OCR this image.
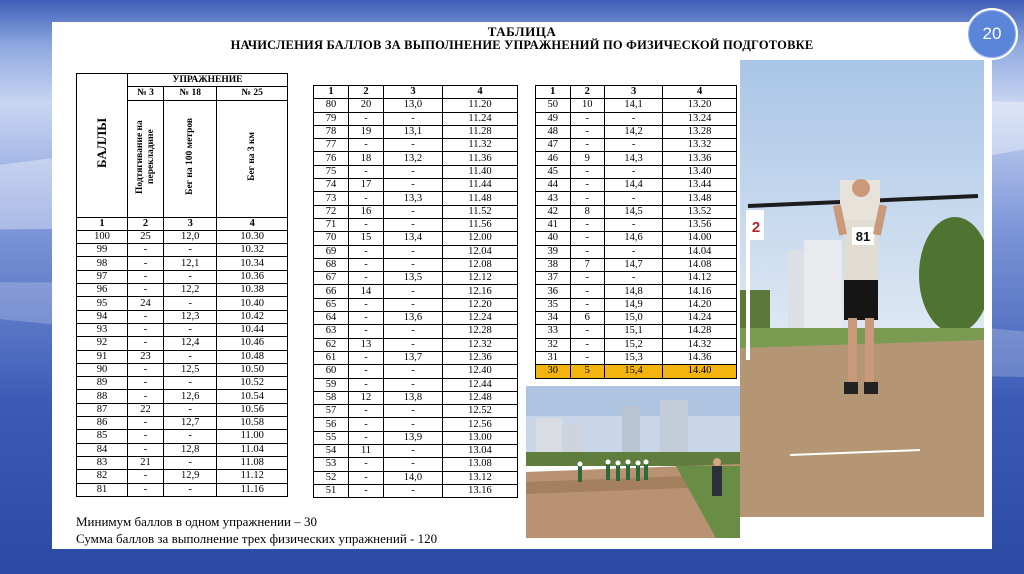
ТАБЛИЦА
НАЧИСЛЕНИЯ БАЛЛОВ ЗА ВЫПОЛНЕНИЕ УПРАЖНЕНИЙ ПО ФИЗИЧЕСКОЙ ПОДГОТОВКЕ
БАЛЛЫ	УПРАЖНЕНИЕ		
	№ 3	№ 18	№ 25
	Подтягивание на перекладине	Бег на 100 метров	Бег на 3 км
1	2	3	4
100	25	12,0	10.30
99	-	-	10.32
98	-	12,1	10.34
97	-	-	10.36
96	-	12,2	10.38
95	24	-	10.40
94	-	12,3	10.42
93	-	-	10.44
92	-	12,4	10.46
91	23	-	10.48
90	-	12,5	10.50
89	-	-	10.52
88	-	12,6	10.54
87	22	-	10.56
86	-	12,7	10.58
85	-	-	11.00
84	-	12,8	11.04
83	21	-	11.08
82	-	12,9	11.12
81	-	-	11.16
1	2	3	4
80	20	13,0	11.20
79	-	-	11.24
78	19	13,1	11.28
77	-	-	11.32
76	18	13,2	11.36
75	-	-	11.40
74	17	-	11.44
73	-	13,3	11.48
72	16	-	11.52
71	-	-	11.56
70	15	13,4	12.00
69	-	-	12.04
68	-	-	12.08
67	-	13,5	12.12
66	14	-	12.16
65	-	-	12.20
64	-	13,6	12.24
63	-	-	12.28
62	13	-	12.32
61	-	13,7	12.36
60	-	-	12.40
59	-	-	12.44
58	12	13,8	12.48
57	-	-	12.52
56	-	-	12.56
55	-	13,9	13.00
54	11	-	13.04
53	-	-	13.08
52	-	14,0	13.12
51	-	-	13.16
1	2	3	4
50	10	14,1	13.20
49	-	-	13.24
48	-	14,2	13.28
47	-	-	13.32
46	9	14,3	13.36
45	-	-	13.40
44	-	14,4	13.44
43	-	-	13.48
42	8	14,5	13.52
41	-	-	13.56
40	-	14,6	14.00
39	-	-	14.04
38	7	14,7	14.08
37	-	-	14.12
36	-	14,8	14.16
35	-	14,9	14.20
34	6	15,0	14.24
33	-	15,1	14.28
32	-	15,2	14.32
31	-	15,3	14.36
30	5	15,4	14.40
Минимум баллов в одном упражнении – 30
Сумма баллов за выполнение трех физических упражнений - 120
81
2
20
